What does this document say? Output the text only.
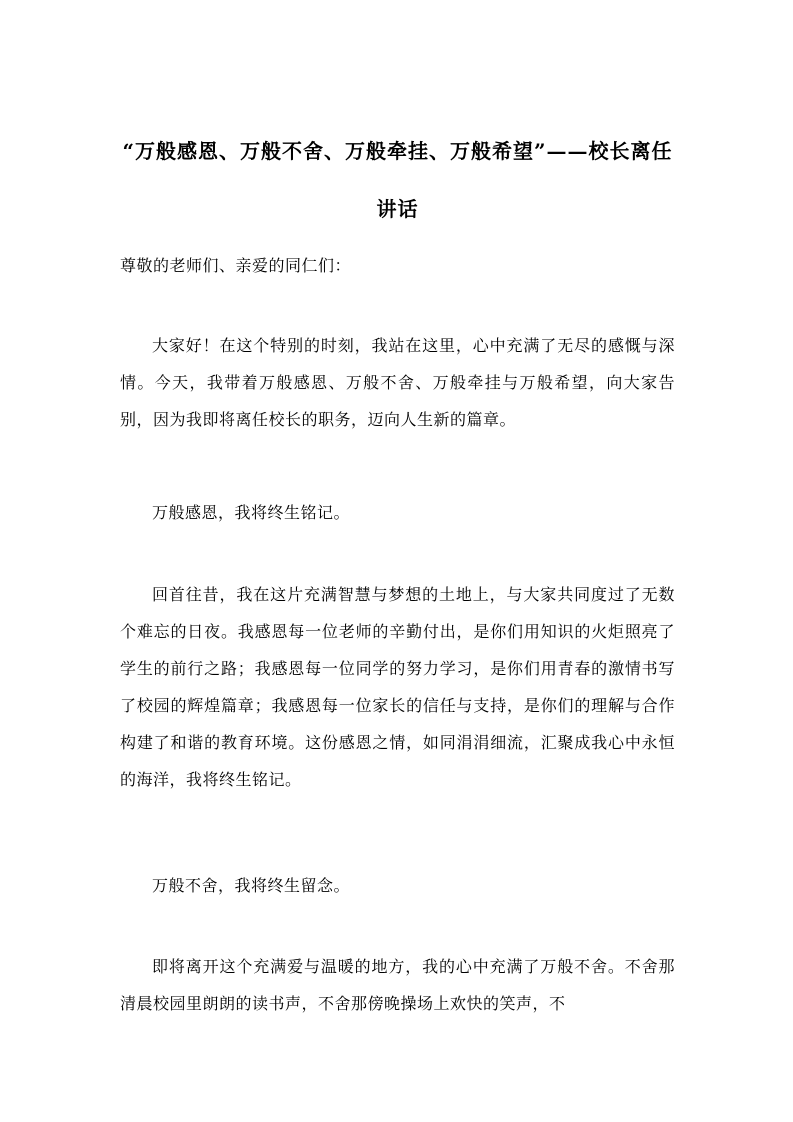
“万般感恩、万般不舍、万般牵挂、万般希望”——校长离任讲话

尊敬的老师们、亲爱的同仁们：

大家好！在这个特别的时刻，我站在这里，心中充满了无尽的感慨与深情。今天，我带着万般感恩、万般不舍、万般牵挂与万般希望，向大家告别，因为我即将离任校长的职务，迈向人生新的篇章。

万般感恩，我将终生铭记。

回首往昔，我在这片充满智慧与梦想的土地上，与大家共同度过了无数个难忘的日夜。我感恩每一位老师的辛勤付出，是你们用知识的火炬照亮了学生的前行之路；我感恩每一位同学的努力学习，是你们用青春的激情书写了校园的辉煌篇章；我感恩每一位家长的信任与支持，是你们的理解与合作构建了和谐的教育环境。这份感恩之情，如同涓涓细流，汇聚成我心中永恒的海洋，我将终生铭记。

万般不舍，我将终生留念。

即将离开这个充满爱与温暖的地方，我的心中充满了万般不舍。不舍那清晨校园里朗朗的读书声，不舍那傍晚操场上欢快的笑声，不
